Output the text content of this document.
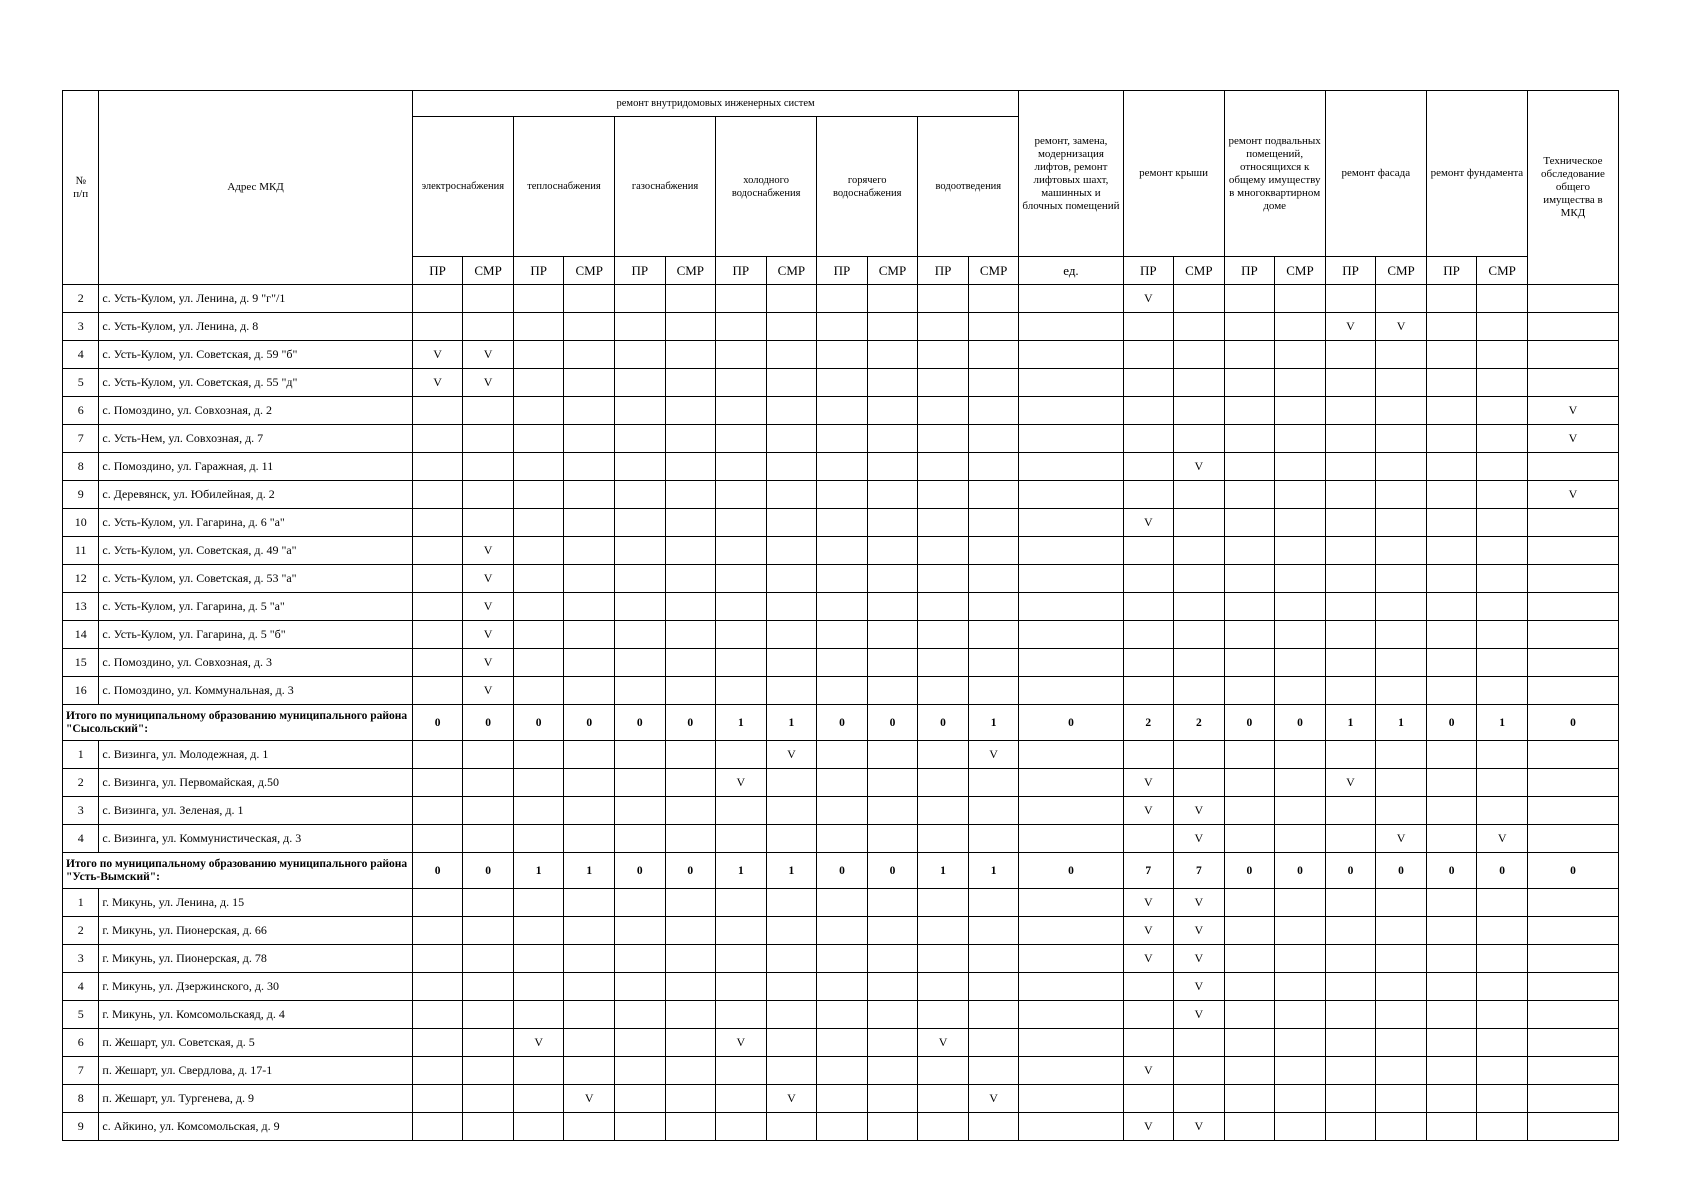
№
п/п	Адрес МКД	ремонт внутридомовых инженерных систем												ремонт, замена, модернизация лифтов, ремонт лифтовых шахт, машинных и блочных помещений	ремонт крыши		ремонт подвальных помещений, относящихся к общему имуществу в многоквартирном доме		ремонт фасада		ремонт фундамента		Техническое обследование общего имущества в МКД
		электроснабжения		теплоснабжения		газоснабжения		холодного водоснабжения		горячего водоснабжения		водоотведения											
		ПР	СМР	ПР	СМР	ПР	СМР	ПР	СМР	ПР	СМР	ПР	СМР	ед.	ПР	СМР	ПР	СМР	ПР	СМР	ПР	СМР	
2	с. Усть-Кулом, ул. Ленина, д. 9 "г"/1														V								
3	с. Усть-Кулом, ул. Ленина, д. 8																		V	V			
4	с. Усть-Кулом, ул. Советская, д. 59 "б"	V	V																				
5	с. Усть-Кулом, ул. Советская, д. 55 "д"	V	V																				
6	с. Помоздино, ул. Совхозная, д. 2																						V
7	с. Усть-Нем, ул. Совхозная, д. 7																						V
8	с. Помоздино, ул. Гаражная, д. 11															V							
9	с. Деревянск, ул. Юбилейная, д. 2																						V
10	с. Усть-Кулом, ул. Гагарина, д. 6 "а"														V								
11	с. Усть-Кулом, ул. Советская, д. 49 "а"		V																				
12	с. Усть-Кулом, ул. Советская, д. 53 "а"		V																				
13	с. Усть-Кулом, ул. Гагарина, д. 5 "а"		V																				
14	с. Усть-Кулом, ул. Гагарина, д. 5 "б"		V																				
15	с. Помоздино, ул. Совхозная, д. 3		V																				
16	с. Помоздино, ул. Коммунальная, д. 3		V																				
Итого по муниципальному образованию муниципального района "Сысольский":		0	0	0	0	0	0	1	1	0	0	0	1	0	2	2	0	0	1	1	0	1	0
1	с. Визинга, ул. Молодежная, д. 1								V				V										
2	с. Визинга, ул. Первомайская, д.50							V							V				V				
3	с. Визинга, ул. Зеленая, д. 1														V	V							
4	с. Визинга, ул. Коммунистическая, д. 3															V				V		V	
Итого по муниципальному образованию муниципального района "Усть-Вымский":		0	0	1	1	0	0	1	1	0	0	1	1	0	7	7	0	0	0	0	0	0	0
1	г. Микунь, ул. Ленина, д. 15														V	V							
2	г. Микунь, ул. Пионерская, д. 66														V	V							
3	г. Микунь, ул. Пионерская, д. 78														V	V							
4	г. Микунь, ул. Дзержинского, д. 30															V							
5	г. Микунь, ул. Комсомольскаяд, д. 4															V							
6	п. Жешарт, ул. Советская, д. 5			V				V				V											
7	п. Жешарт, ул. Свердлова, д. 17-1														V								
8	п. Жешарт, ул. Тургенева, д. 9				V				V				V										
9	с. Айкино, ул. Комсомольская, д. 9														V	V							
